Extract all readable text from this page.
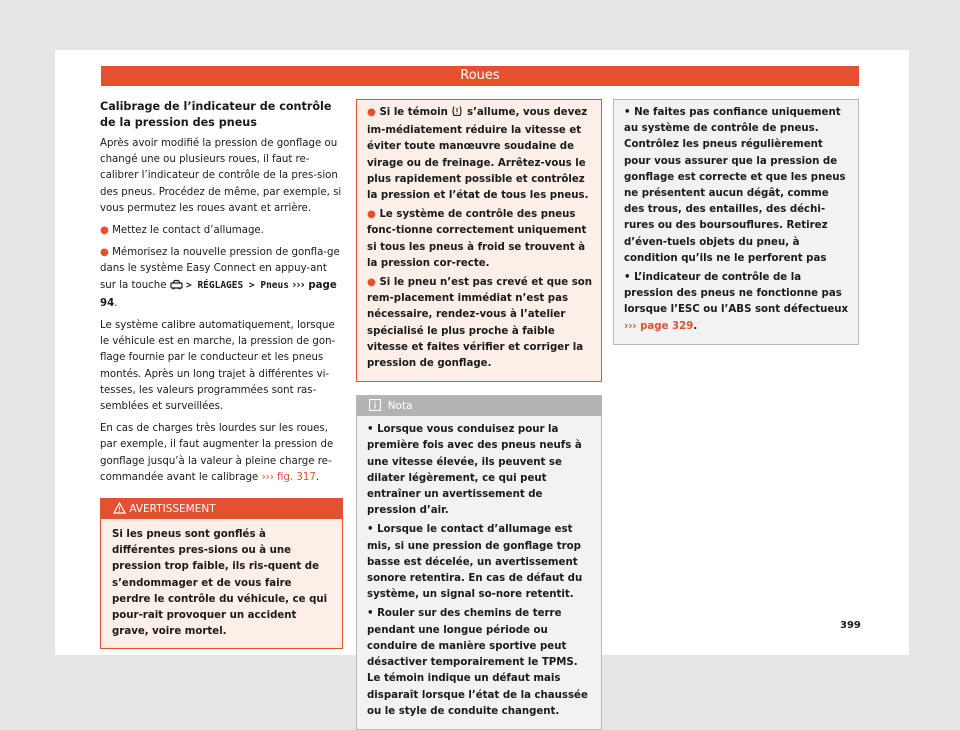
Roues
Calibrage de l’indicateur de contrôle de la pression des pneus

Après avoir modifié la pression de gonflage ou changé une ou plusieurs roues, il faut re-calibrer l’indicateur de contrôle de la pres-sion des pneus. Procédez de même, par exemple, si vous permutez les roues avant et arrière.

● Mettez le contact d’allumage.
● Mémorisez la nouvelle pression de gonfla-ge dans le système Easy Connect en appuy-ant sur la touche > RÉGLAGES > Pneus ››› page 94.

Le système calibre automatiquement, lorsque le véhicule est en marche, la pression de gon-flage fournie par le conducteur et les pneus montés. Après un long trajet à différentes vi-tesses, les valeurs programmées sont ras-semblées et surveillées.

En cas de charges très lourdes sur les roues, par exemple, il faut augmenter la pression de gonflage jusqu’à la valeur à pleine charge re-commandée avant le calibrage ››› fig. 317.

AVERTISSEMENT
Si les pneus sont gonflés à différentes pres-sions ou à une pression trop faible, ils ris-quent de s’endommager et de vous faire perdre le contrôle du véhicule, ce qui pour-rait provoquer un accident grave, voire mortel.
● Si le témoin s’allume, vous devez im-médiatement réduire la vitesse et éviter toute manœuvre soudaine de virage ou de freinage. Arrêtez-vous le plus rapidement possible et contrôlez la pression et l’état de tous les pneus.
● Le système de contrôle des pneus fonc-tionne correctement uniquement si tous les pneus à froid se trouvent à la pression cor-recte.
● Si le pneu n’est pas crevé et que son rem-placement immédiat n’est pas nécessaire, rendez-vous à l’atelier spécialisé le plus proche à faible vitesse et faites vérifier et corriger la pression de gonflage.
Nota
• Lorsque vous conduisez pour la première fois avec des pneus neufs à une vitesse élevée, ils peuvent se dilater légèrement, ce qui peut entraîner un avertissement de pression d’air.
• Lorsque le contact d’allumage est mis, si une pression de gonflage trop basse est décelée, un avertissement sonore retentira. En cas de défaut du système, un signal so-nore retentit.
• Rouler sur des chemins de terre pendant une longue période ou conduire de manière sportive peut désactiver temporairement le TPMS. Le témoin indique un défaut mais disparaît lorsque l’état de la chaussée ou le style de conduite changent.
• Ne faites pas confiance uniquement au système de contrôle de pneus. Contrôlez les pneus régulièrement pour vous assurer que la pression de gonflage est correcte et que les pneus ne présentent aucun dégât, comme des trous, des entailles, des déchi-rures ou des boursouflures. Retirez d’éven-tuels objets du pneu, à condition qu’ils ne le perforent pas
• L’indicateur de contrôle de la pression des pneus ne fonctionne pas lorsque l’ESC ou l’ABS sont défectueux ››› page 329.
399
